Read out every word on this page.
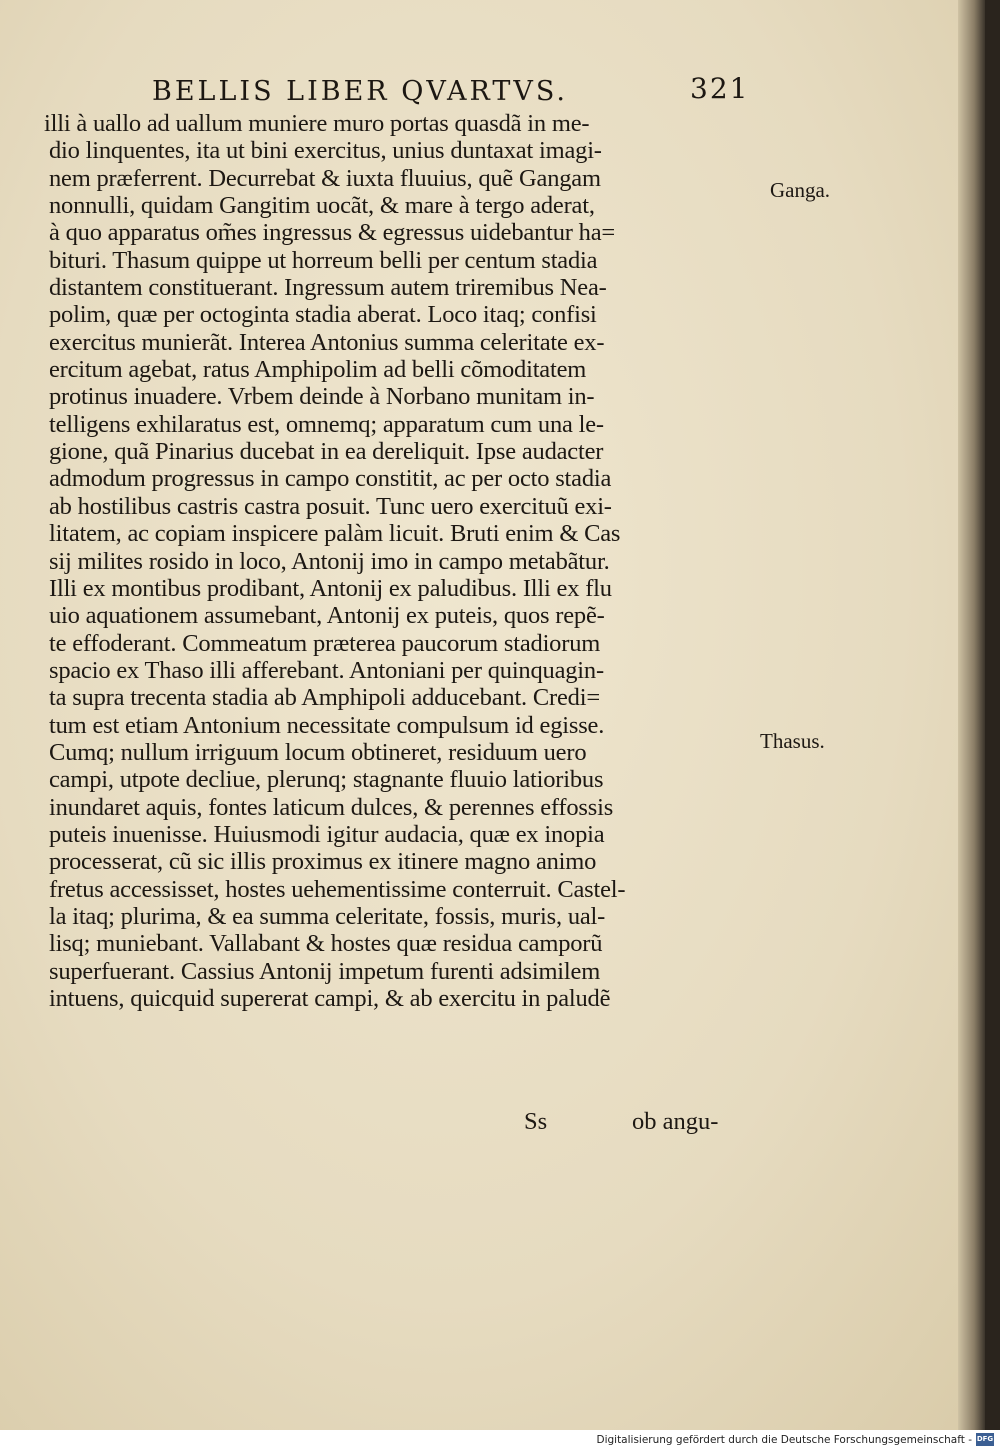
BELLIS LIBER QVARTVS.	321
illi à uallo ad uallum muniere muro portas quasdã in me-
dio linquentes, ita ut bini exercitus, unius duntaxat imagi-
nem præferrent. Decurrebat & iuxta fluuius, quẽ Gangam
nonnulli, quidam Gangitim uocãt, & mare à tergo aderat,
à quo apparatus om̃es ingressus & egressus uidebantur ha=
bituri. Thasum quippe ut horreum belli per centum stadia
distantem constituerant. Ingressum autem triremibus Nea-
polim, quæ per octoginta stadia aberat. Loco itaq; confisi
exercitus munierãt. Interea Antonius summa celeritate ex-
ercitum agebat, ratus Amphipolim ad belli cõmoditatem
protinus inuadere. Vrbem deinde à Norbano munitam in-
telligens exhilaratus est, omnemq; apparatum cum una le-
gione, quã Pinarius ducebat in ea dereliquit. Ipse audacter
admodum progressus in campo constitit, ac per octo stadia
ab hostilibus castris castra posuit. Tunc uero exercituũ exi-
litatem, ac copiam inspicere palàm licuit. Bruti enim & Cas
sij milites rosido in loco, Antonij imo in campo metabãtur.
Illi ex montibus prodibant, Antonij ex paludibus. Illi ex flu
uio aquationem assumebant, Antonij ex puteis, quos repẽ-
te effoderant. Commeatum præterea paucorum stadiorum
spacio ex Thaso illi afferebant. Antoniani per quinquagin-
ta supra trecenta stadia ab Amphipoli adducebant. Credi=
tum est etiam Antonium necessitate compulsum id egisse.
Cumq; nullum irriguum locum obtineret, residuum uero
campi, utpote decliue, plerunq; stagnante fluuio latioribus
inundaret aquis, fontes laticum dulces, & perennes effossis
puteis inuenisse. Huiusmodi igitur audacia, quæ ex inopia
processerat, cũ sic illis proximus ex itinere magno animo
fretus accessisset, hostes uehementissime conterruit. Castel-
la itaq; plurima, & ea summa celeritate, fossis, muris, ual-
lisq; muniebant. Vallabant & hostes quæ residua camporũ
superfuerant. Cassius Antonij impetum furenti adsimilem
intuens, quicquid supererat campi, & ab exercitu in paludẽ
Ganga.
Thasus.
Ss	ob angu-
Digitalisierung gefördert durch die Deutsche Forschungsgemeinschaft - DFG
